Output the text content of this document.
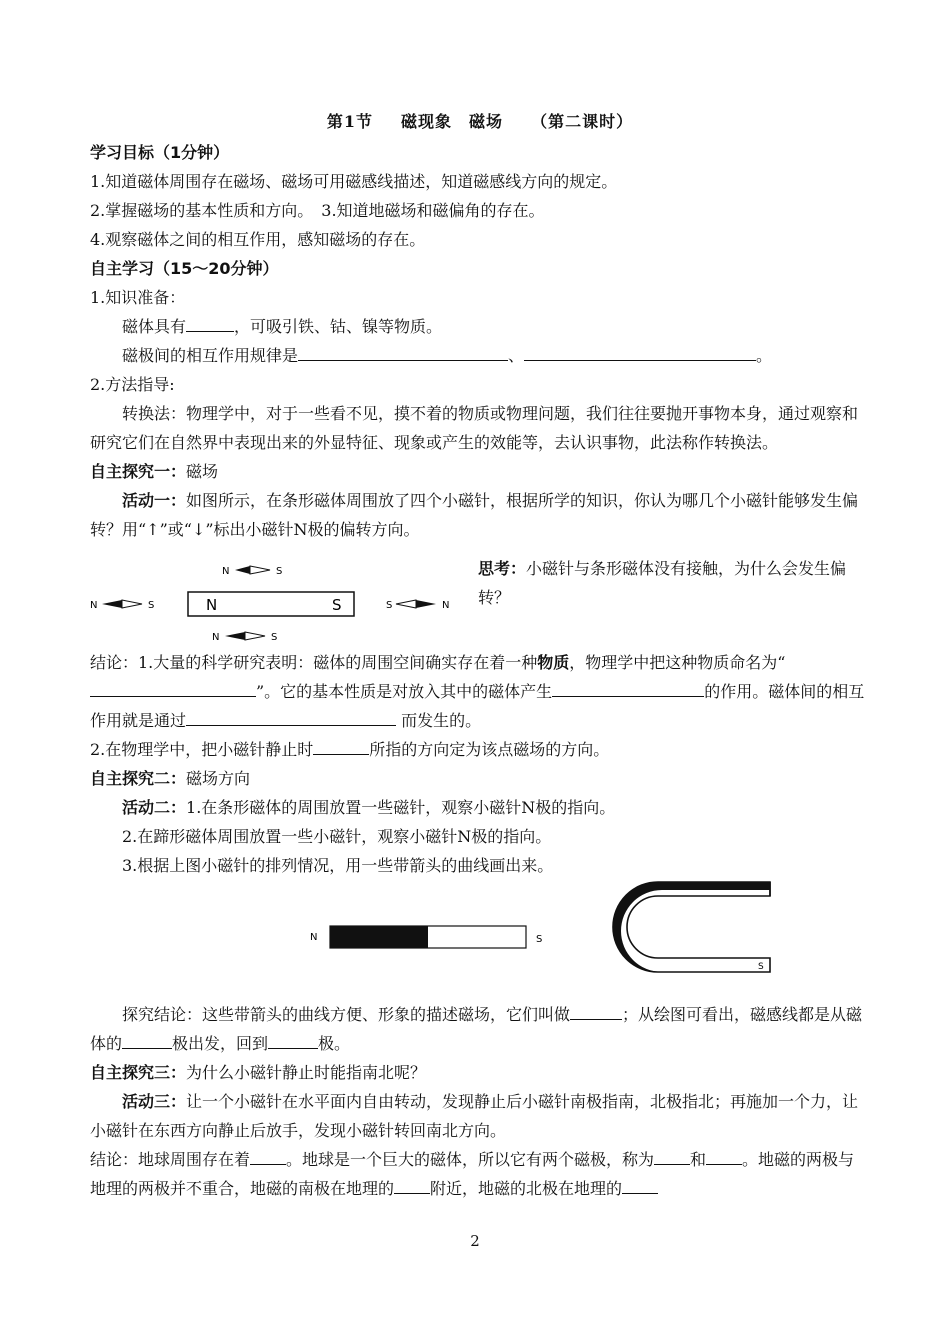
第1节 磁现象　磁场 （第二课时）
学习目标（1分钟）
1.知道磁体周围存在磁场、磁场可用磁感线描述，知道磁感线方向的规定。
2.掌握磁场的基本性质和方向。　3.知道地磁场和磁偏角的存在。
4.观察磁体之间的相互作用，感知磁场的存在。
自主学习（15～20分钟）
1.知识准备：
磁体具有	，可吸引铁、钴、镍等物质。
磁极间的相互作用规律是	、	。
2.方法指导:
转换法：物理学中，对于一些看不见，摸不着的物质或物理问题，我们往往要抛开事物本身，通过观察和研究它们在自然界中表现出来的外显特征、现象或产生的效能等，去认识事物，此法称作转换法。
自主探究一：磁场
活动一：如图所示，在条形磁体周围放了四个小磁针，根据所学的知识，你认为哪几个小磁针能够发生偏转？用“↑”或“↓”标出小磁针N极的偏转方向。
N	S
N	S	N	S	S	N
N	S
思考：小磁针与条形磁体没有接触，为什么会发生偏转？
结论：1.大量的科学研究表明：磁体的周围空间确实存在着一种物质，物理学中把这种物质命名为“”。它的基本性质是对放入其中的磁体产生	的作用。磁体间的相互作用就是通过	而发生的。
2.在物理学中，把小磁针静止时	所指的方向定为该点磁场的方向。
自主探究二：磁场方向
活动二：1.在条形磁体的周围放置一些磁针，观察小磁针N极的指向。
2.在蹄形磁体周围放置一些小磁针，观察小磁针N极的指向。
3.根据上图小磁针的排列情况，用一些带箭头的曲线画出来。
N	S
S
探究结论：这些带箭头的曲线方便、形象的描述磁场，它们叫做	；从绘图可看出，磁感线都是从磁体的	极出发，回到	极。
自主探究三：为什么小磁针静止时能指南北呢？
活动三：让一个小磁针在水平面内自由转动，发现静止后小磁针南极指南，北极指北；再施加一个力，让小磁针在东西方向静止后放手，发现小磁针转回南北方向。
结论：地球周围存在着 。地球是一个巨大的磁体，所以它有两个磁极，称为 和 。地磁的两极与地理的两极并不重合，地磁的南极在地理的 附近，地磁的北极在地理的
2
